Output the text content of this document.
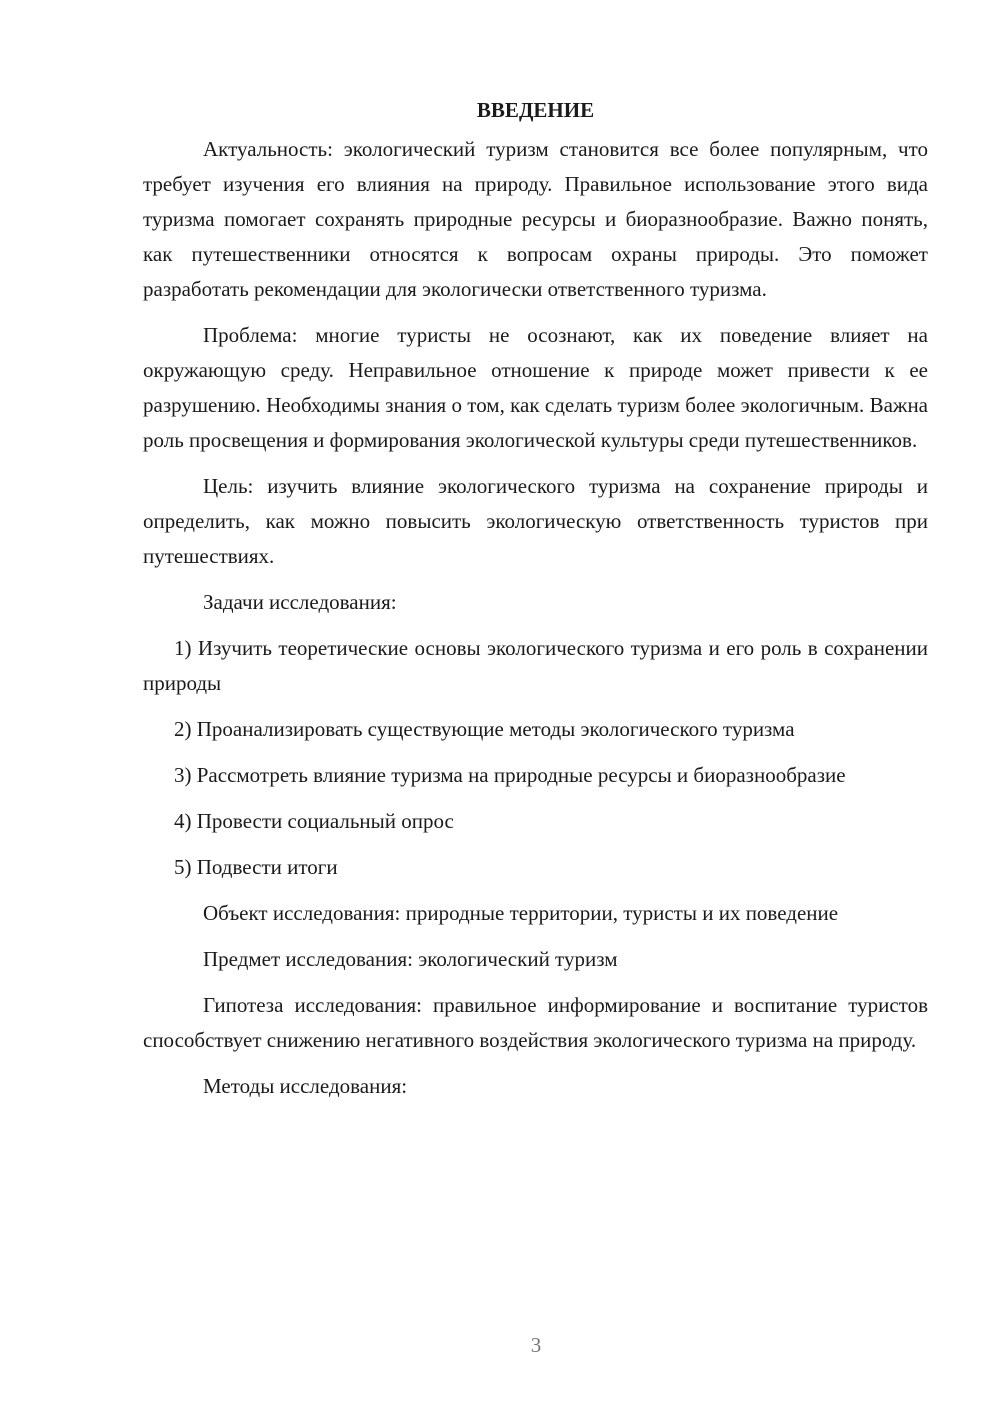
ВВЕДЕНИЕ

Актуальность: экологический туризм становится все более популярным, что требует изучения его влияния на природу. Правильное использование этого вида туризма помогает сохранять природные ресурсы и биоразнообразие. Важно понять, как путешественники относятся к вопросам охраны природы. Это поможет разработать рекомендации для экологически ответственного туризма.

Проблема: многие туристы не осознают, как их поведение влияет на окружающую среду. Неправильное отношение к природе может привести к ее разрушению. Необходимы знания о том, как сделать туризм более экологичным. Важна роль просвещения и формирования экологической культуры среди путешественников.

Цель: изучить влияние экологического туризма на сохранение природы и определить, как можно повысить экологическую ответственность туристов при путешествиях.

Задачи исследования:

1) Изучить теоретические основы экологического туризма и его роль в сохранении природы

2) Проанализировать существующие методы экологического туризма

3) Рассмотреть влияние туризма на природные ресурсы и биоразнообразие

4) Провести социальный опрос

5) Подвести итоги

Объект исследования: природные территории, туристы и их поведение

Предмет исследования: экологический туризм

Гипотеза исследования: правильное информирование и воспитание туристов способствует снижению негативного воздействия экологического туризма на природу.

Методы исследования:

3
